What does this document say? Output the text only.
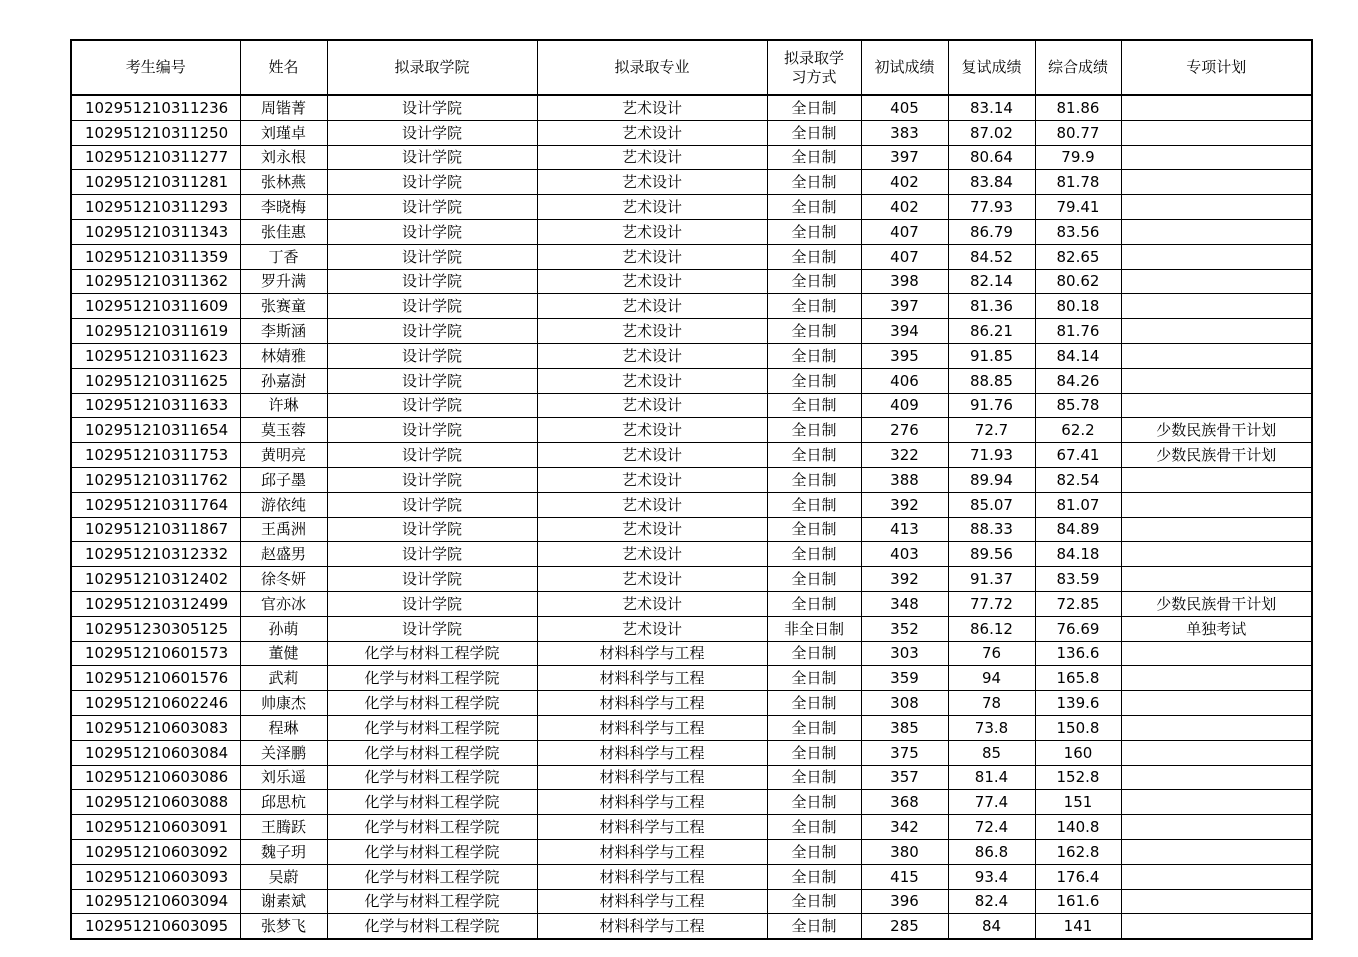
考生编号	姓名	拟录取学院	拟录取专业	拟录取学习方式	初试成绩	复试成绩	综合成绩	专项计划
102951210311236	周锴菁	设计学院	艺术设计	全日制	405	83.14	81.86	
102951210311250	刘瑾卓	设计学院	艺术设计	全日制	383	87.02	80.77	
102951210311277	刘永根	设计学院	艺术设计	全日制	397	80.64	79.9	
102951210311281	张林燕	设计学院	艺术设计	全日制	402	83.84	81.78	
102951210311293	李晓梅	设计学院	艺术设计	全日制	402	77.93	79.41	
102951210311343	张佳惠	设计学院	艺术设计	全日制	407	86.79	83.56	
102951210311359	丁香	设计学院	艺术设计	全日制	407	84.52	82.65	
102951210311362	罗升满	设计学院	艺术设计	全日制	398	82.14	80.62	
102951210311609	张赛童	设计学院	艺术设计	全日制	397	81.36	80.18	
102951210311619	李斯涵	设计学院	艺术设计	全日制	394	86.21	81.76	
102951210311623	林婧雅	设计学院	艺术设计	全日制	395	91.85	84.14	
102951210311625	孙嘉澍	设计学院	艺术设计	全日制	406	88.85	84.26	
102951210311633	许琳	设计学院	艺术设计	全日制	409	91.76	85.78	
102951210311654	莫玉蓉	设计学院	艺术设计	全日制	276	72.7	62.2	少数民族骨干计划
102951210311753	黄明亮	设计学院	艺术设计	全日制	322	71.93	67.41	少数民族骨干计划
102951210311762	邱子墨	设计学院	艺术设计	全日制	388	89.94	82.54	
102951210311764	游依纯	设计学院	艺术设计	全日制	392	85.07	81.07	
102951210311867	王禹洲	设计学院	艺术设计	全日制	413	88.33	84.89	
102951210312332	赵盛男	设计学院	艺术设计	全日制	403	89.56	84.18	
102951210312402	徐冬妍	设计学院	艺术设计	全日制	392	91.37	83.59	
102951210312499	官亦冰	设计学院	艺术设计	全日制	348	77.72	72.85	少数民族骨干计划
102951230305125	孙萌	设计学院	艺术设计	非全日制	352	86.12	76.69	单独考试
102951210601573	董健	化学与材料工程学院	材料科学与工程	全日制	303	76	136.6	
102951210601576	武莉	化学与材料工程学院	材料科学与工程	全日制	359	94	165.8	
102951210602246	帅康杰	化学与材料工程学院	材料科学与工程	全日制	308	78	139.6	
102951210603083	程琳	化学与材料工程学院	材料科学与工程	全日制	385	73.8	150.8	
102951210603084	关泽鹏	化学与材料工程学院	材料科学与工程	全日制	375	85	160	
102951210603086	刘乐遥	化学与材料工程学院	材料科学与工程	全日制	357	81.4	152.8	
102951210603088	邱思杭	化学与材料工程学院	材料科学与工程	全日制	368	77.4	151	
102951210603091	王腾跃	化学与材料工程学院	材料科学与工程	全日制	342	72.4	140.8	
102951210603092	魏子玥	化学与材料工程学院	材料科学与工程	全日制	380	86.8	162.8	
102951210603093	吴蔚	化学与材料工程学院	材料科学与工程	全日制	415	93.4	176.4	
102951210603094	谢素斌	化学与材料工程学院	材料科学与工程	全日制	396	82.4	161.6	
102951210603095	张梦飞	化学与材料工程学院	材料科学与工程	全日制	285	84	141	
